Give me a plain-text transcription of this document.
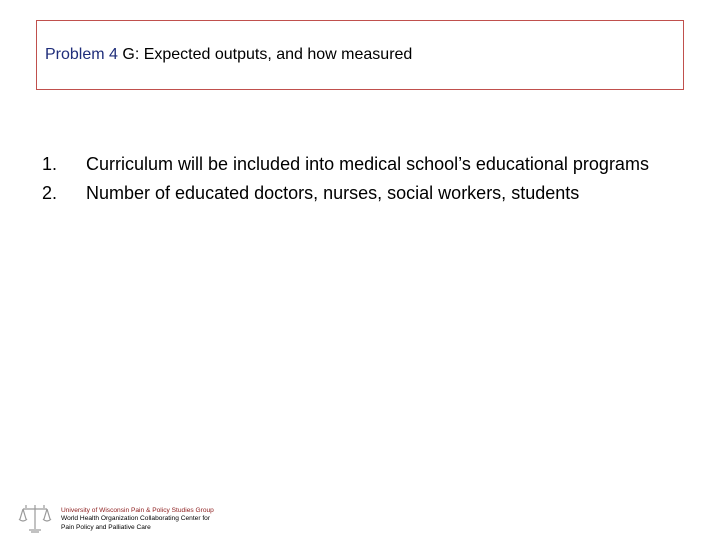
Problem 4 G: Expected outputs, and how measured
1.	Curriculum will be included into medical school’s educational programs
2.	Number of educated doctors, nurses, social workers, students
University of Wisconsin Pain & Policy Studies Group
World Health Organization Collaborating Center for
Pain Policy and Palliative Care
